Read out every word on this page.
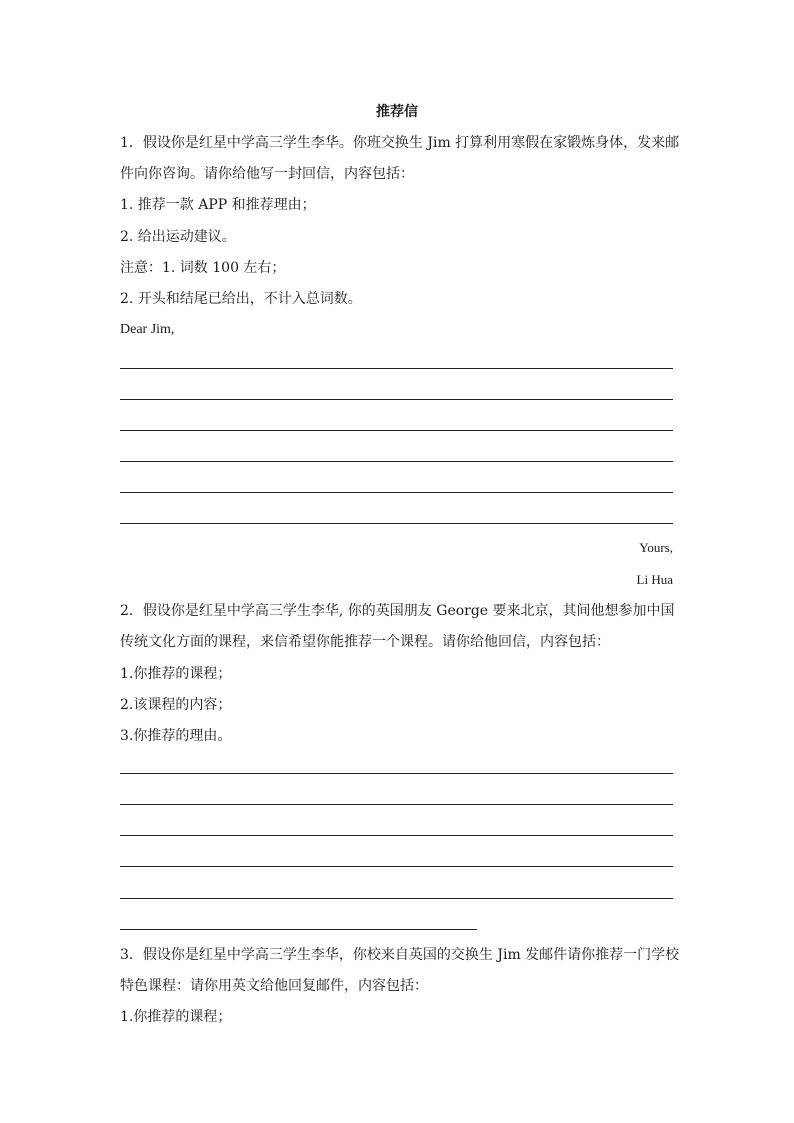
推荐信

1．假设你是红星中学高三学生李华。你班交换生 Jim 打算利用寒假在家锻炼身体，发来邮

件向你咨询。请你给他写一封回信，内容包括：

1. 推荐一款 APP 和推荐理由；

2. 给出运动建议。

注意：1. 词数 100 左右；

2. 开头和结尾已给出，不计入总词数。

Dear Jim,

Yours,

Li Hua

2．假设你是红星中学高三学生李华, 你的英国朋友 George 要来北京，其间他想参加中国

传统文化方面的课程，来信希望你能推荐一个课程。请你给他回信，内容包括：

1.你推荐的课程；

2.该课程的内容；

3.你推荐的理由。

3．假设你是红星中学高三学生李华，你校来自英国的交换生 Jim 发邮件请你推荐一门学校

特色课程：请你用英文给他回复邮件，内容包括：

1.你推荐的课程；
